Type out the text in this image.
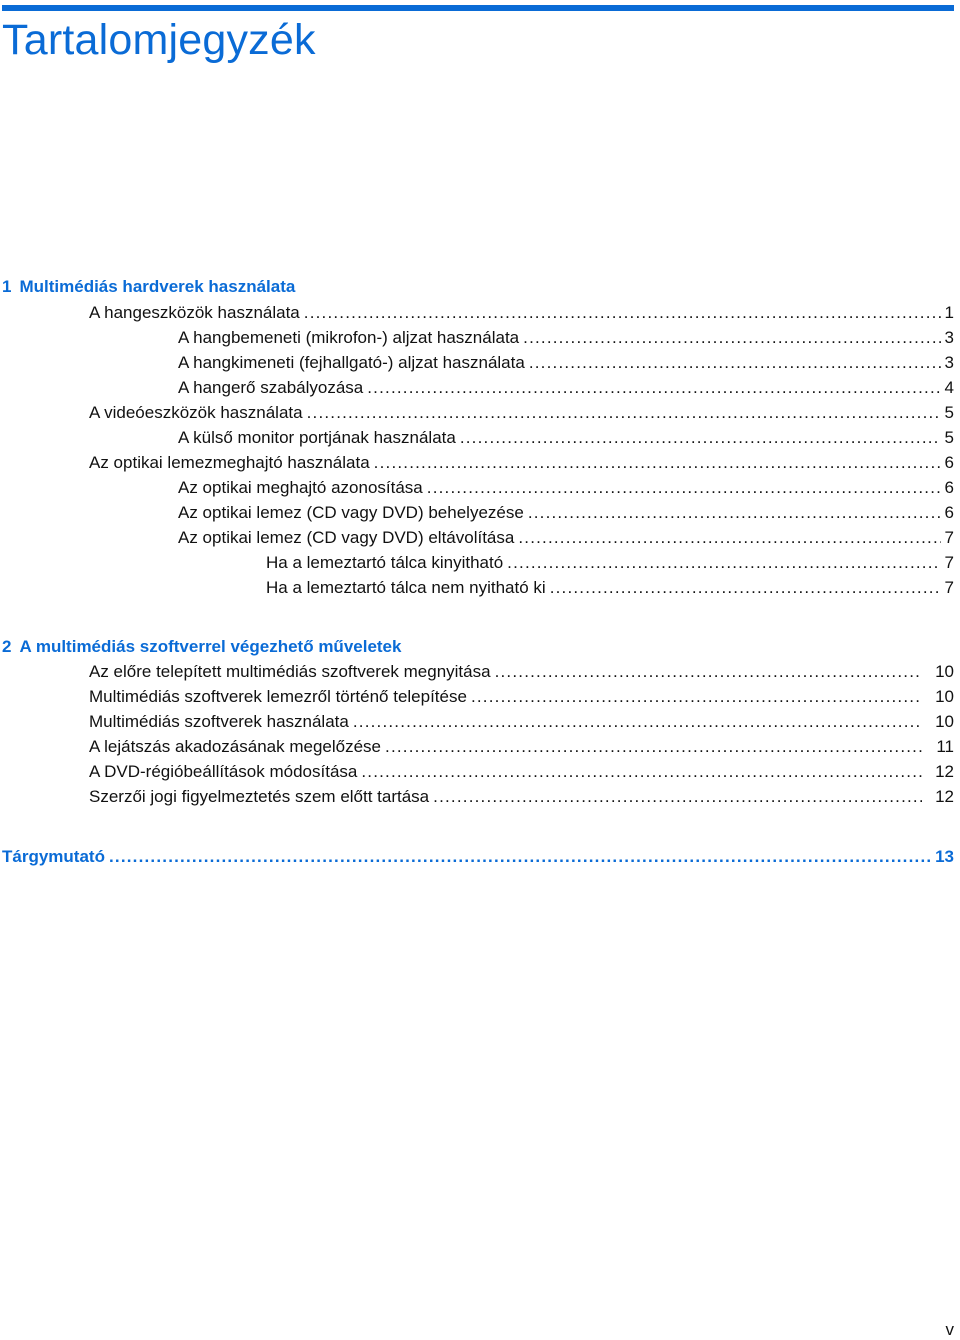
Tartalomjegyzék
1 Multimédiás hardverek használata
A hangeszközök használata .....	1
A hangbemeneti (mikrofon-) aljzat használata .....	3
A hangkimeneti (fejhallgató-) aljzat használata .....	3
A hangerő szabályozása .....	4
A videóeszközök használata .....	5
A külső monitor portjának használata .....	5
Az optikai lemezmeghajtó használata .....	6
Az optikai meghajtó azonosítása .....	6
Az optikai lemez (CD vagy DVD) behelyezése .....	6
Az optikai lemez (CD vagy DVD) eltávolítása .....	7
Ha a lemeztartó tálca kinyitható .....	7
Ha a lemeztartó tálca nem nyitható ki .....	7
2 A multimédiás szoftverrel végezhető műveletek
Az előre telepített multimédiás szoftverek megnyitása .....	10
Multimédiás szoftverek lemezről történő telepítése .....	10
Multimédiás szoftverek használata .....	10
A lejátszás akadozásának megelőzése .....	11
A DVD-régióbeállítások módosítása .....	12
Szerzői jogi figyelmeztetés szem előtt tartása .....	12
Tárgymutató .....	13
v
